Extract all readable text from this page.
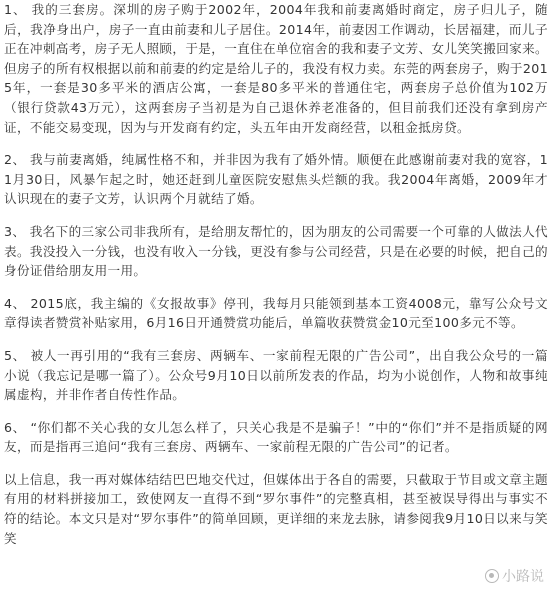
1、 我的三套房。深圳的房子购于2002年，2004年我和前妻离婚时商定，房子归儿子，随后，我净身出户，房子一直由前妻和儿子居住。2014年，前妻因工作调动，长居福建，而儿子正在冲刺高考，房子无人照顾，于是，一直住在单位宿舍的我和妻子文芳、女儿笑笑搬回家来。但房子的所有权根据以前和前妻的约定是给儿子的，我没有权力卖。东莞的两套房子，购于2015年，一套是30多平米的酒店公寓，一套是80多平米的普通住宅，两套房子总价值为102万（银行贷款43万元），这两套房子当初是为自己退休养老准备的，但目前我们还没有拿到房产证，不能交易变现，因为与开发商有约定，头五年由开发商经营，以租金抵房贷。

2、 我与前妻离婚，纯属性格不和，并非因为我有了婚外情。顺便在此感谢前妻对我的宽容，11月30日，风暴乍起之时，她还赶到儿童医院安慰焦头烂额的我。我2004年离婚，2009年才认识现在的妻子文芳，认识两个月就结了婚。

3、 我名下的三家公司非我所有，是给朋友帮忙的，因为朋友的公司需要一个可靠的人做法人代表。我没投入一分钱，也没有收入一分钱，更没有参与公司经营，只是在必要的时候，把自己的身份证借给朋友用一用。

4、 2015底，我主编的《女报故事》停刊，我每月只能领到基本工资4008元，靠写公众号文章得读者赞赏补贴家用，6月16日开通赞赏功能后，单篇收获赞赏金10元至100多元不等。

5、 被人一再引用的“我有三套房、两辆车、一家前程无限的广告公司”，出自我公众号的一篇小说（我忘记是哪一篇了）。公众号9月10日以前所发表的作品，均为小说创作，人物和故事纯属虚构，并非作者自传性作品。

6、 “你们都不关心我的女儿怎么样了，只关心我是不是骗子！”中的“你们”并不是指质疑的网友，而是指再三追问“我有三套房、两辆车、一家前程无限的广告公司”的记者。

以上信息，我一再对媒体结结巴巴地交代过，但媒体出于各自的需要，只截取于节目或文章主题有用的材料拼接加工，致使网友一直得不到“罗尔事件”的完整真相，甚至被误导得出与事实不符的结论。本文只是对“罗尔事件”的简单回顾，更详细的来龙去脉，请参阅我9月10日以来与笑笑

小路说
